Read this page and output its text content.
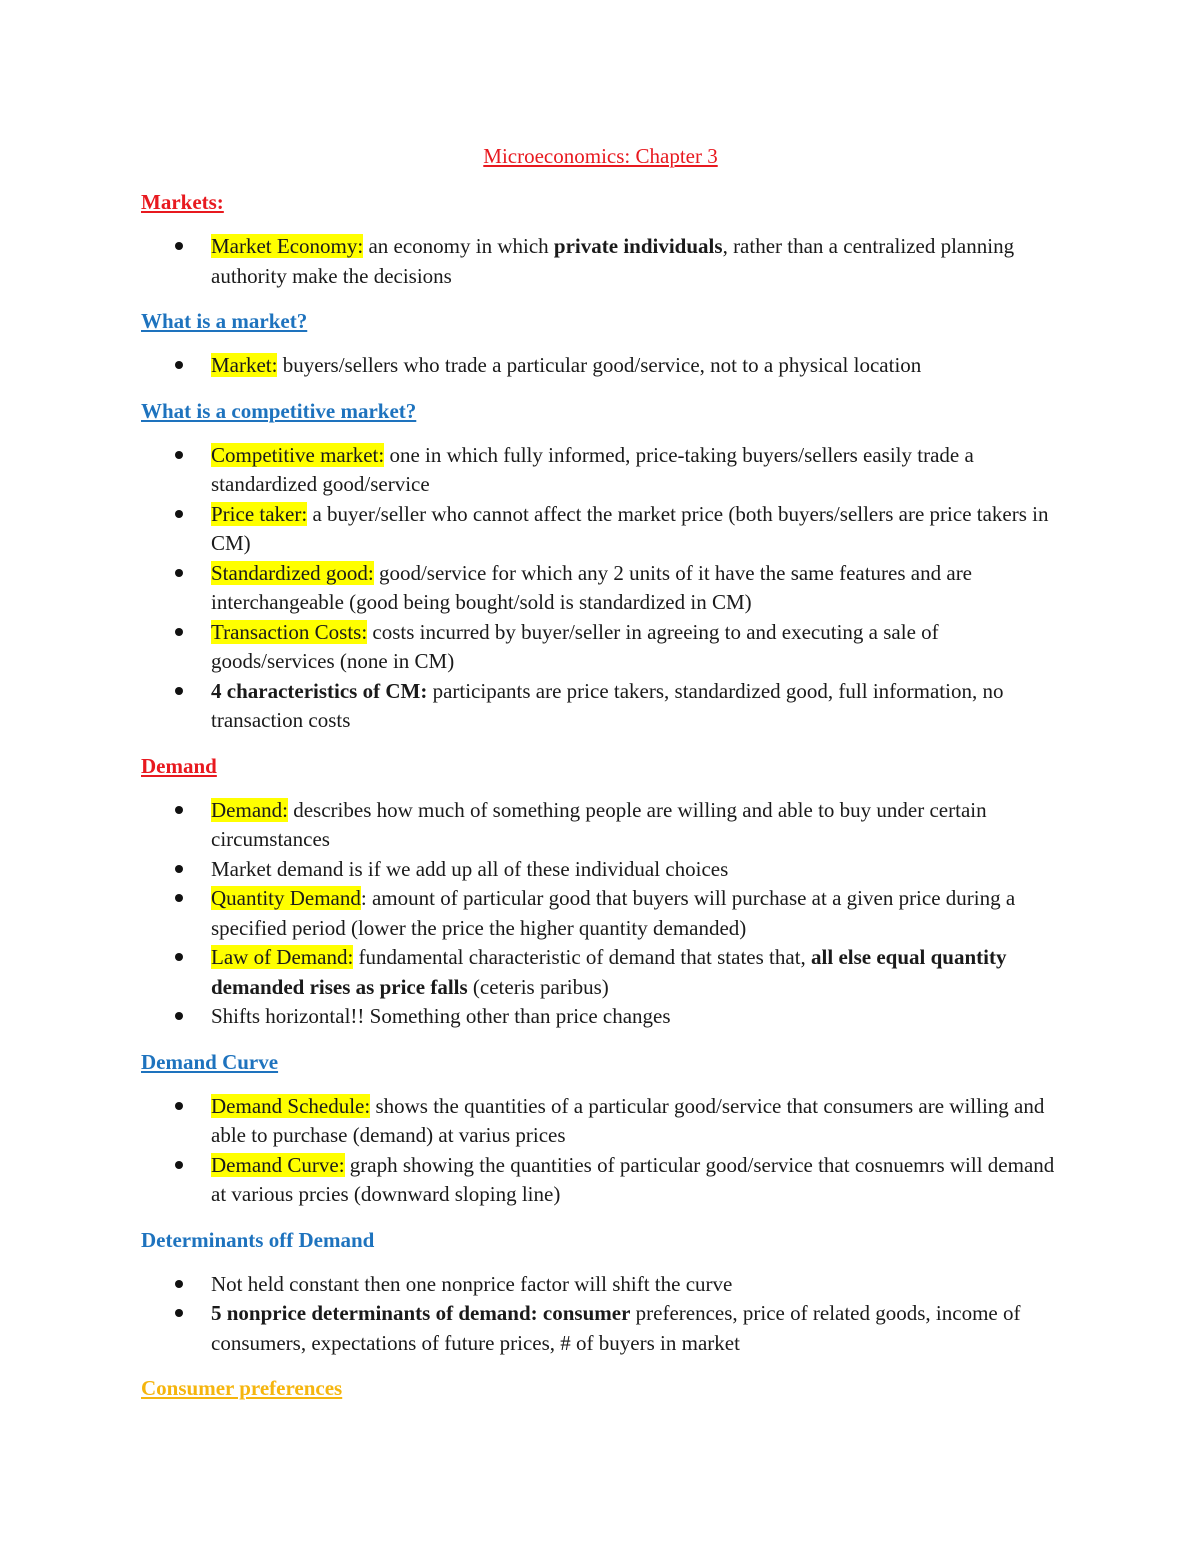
Microeconomics: Chapter 3
Markets:
Market Economy: an economy in which private individuals, rather than a centralized planning authority make the decisions
What is a market?
Market: buyers/sellers who trade a particular good/service, not to a physical location
What is a competitive market?
Competitive market: one in which fully informed, price-taking buyers/sellers easily trade a standardized good/service
Price taker: a buyer/seller who cannot affect the market price (both buyers/sellers are price takers in CM)
Standardized good: good/service for which any 2 units of it have the same features and are interchangeable (good being bought/sold is standardized in CM)
Transaction Costs: costs incurred by buyer/seller in agreeing to and executing a sale of goods/services (none in CM)
4 characteristics of CM: participants are price takers, standardized good, full information, no transaction costs
Demand
Demand: describes how much of something people are willing and able to buy under certain circumstances
Market demand is if we add up all of these individual choices
Quantity Demand: amount of particular good that buyers will purchase at a given price during a specified period (lower the price the higher quantity demanded)
Law of Demand: fundamental characteristic of demand that states that, all else equal quantity demanded rises as price falls (ceteris paribus)
Shifts horizontal!! Something other than price changes
Demand Curve
Demand Schedule: shows the quantities of a particular good/service that consumers are willing and able to purchase (demand) at varius prices
Demand Curve: graph showing the quantities of particular good/service that cosnuemrs will demand at various prcies (downward sloping line)
Determinants off Demand
Not held constant then one nonprice factor will shift the curve
5 nonprice determinants of demand: consumer preferences, price of related goods, income of consumers, expectations of future prices, # of buyers in market
Consumer preferences
